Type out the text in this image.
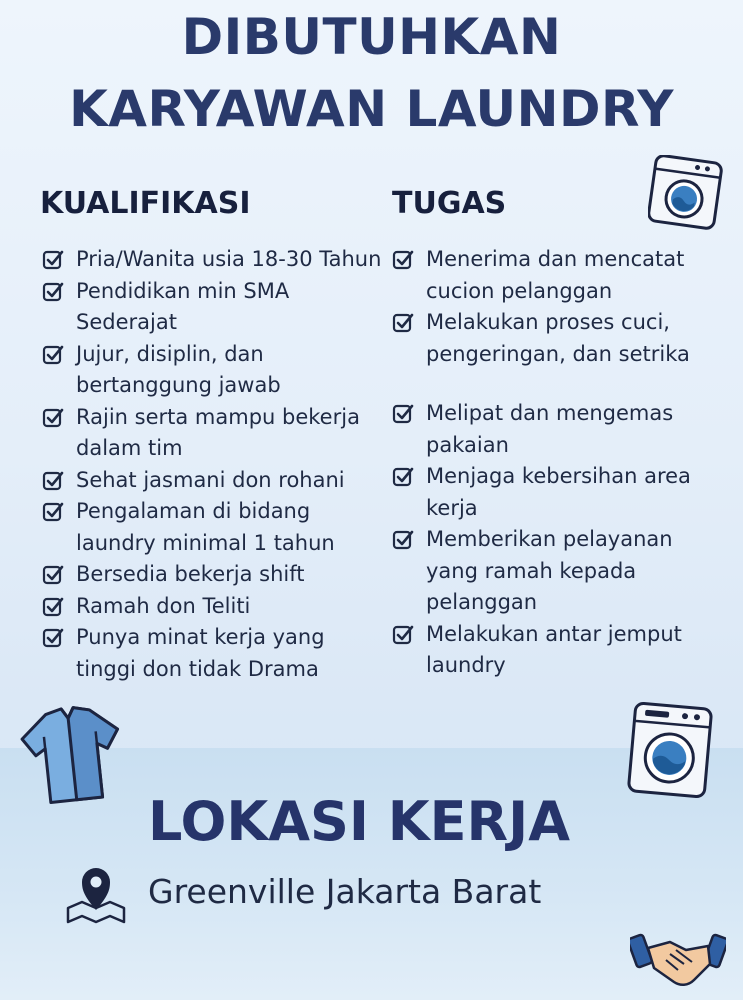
DIBUTUHKAN
KARYAWAN LAUNDRY
KUALIFIKASI	TUGAS
Pria/Wanita usia 18-30 Tahun
Pendidikan min SMA
Sederajat
Jujur, disiplin, dan
bertanggung jawab
Rajin serta mampu bekerja
dalam tim
Sehat jasmani don rohani
Pengalaman di bidang
laundry minimal 1 tahun
Bersedia bekerja shift
Ramah don Teliti
Punya minat kerja yang
tinggi don tidak Drama
Menerima dan mencatat
cucion pelanggan
Melakukan proses cuci,
pengeringan, dan setrika
Melipat dan mengemas
pakaian
Menjaga kebersihan area
kerja
Memberikan pelayanan
yang ramah kepada
pelanggan
Melakukan antar jemput
laundry
LOKASI KERJA
Greenville Jakarta Barat
